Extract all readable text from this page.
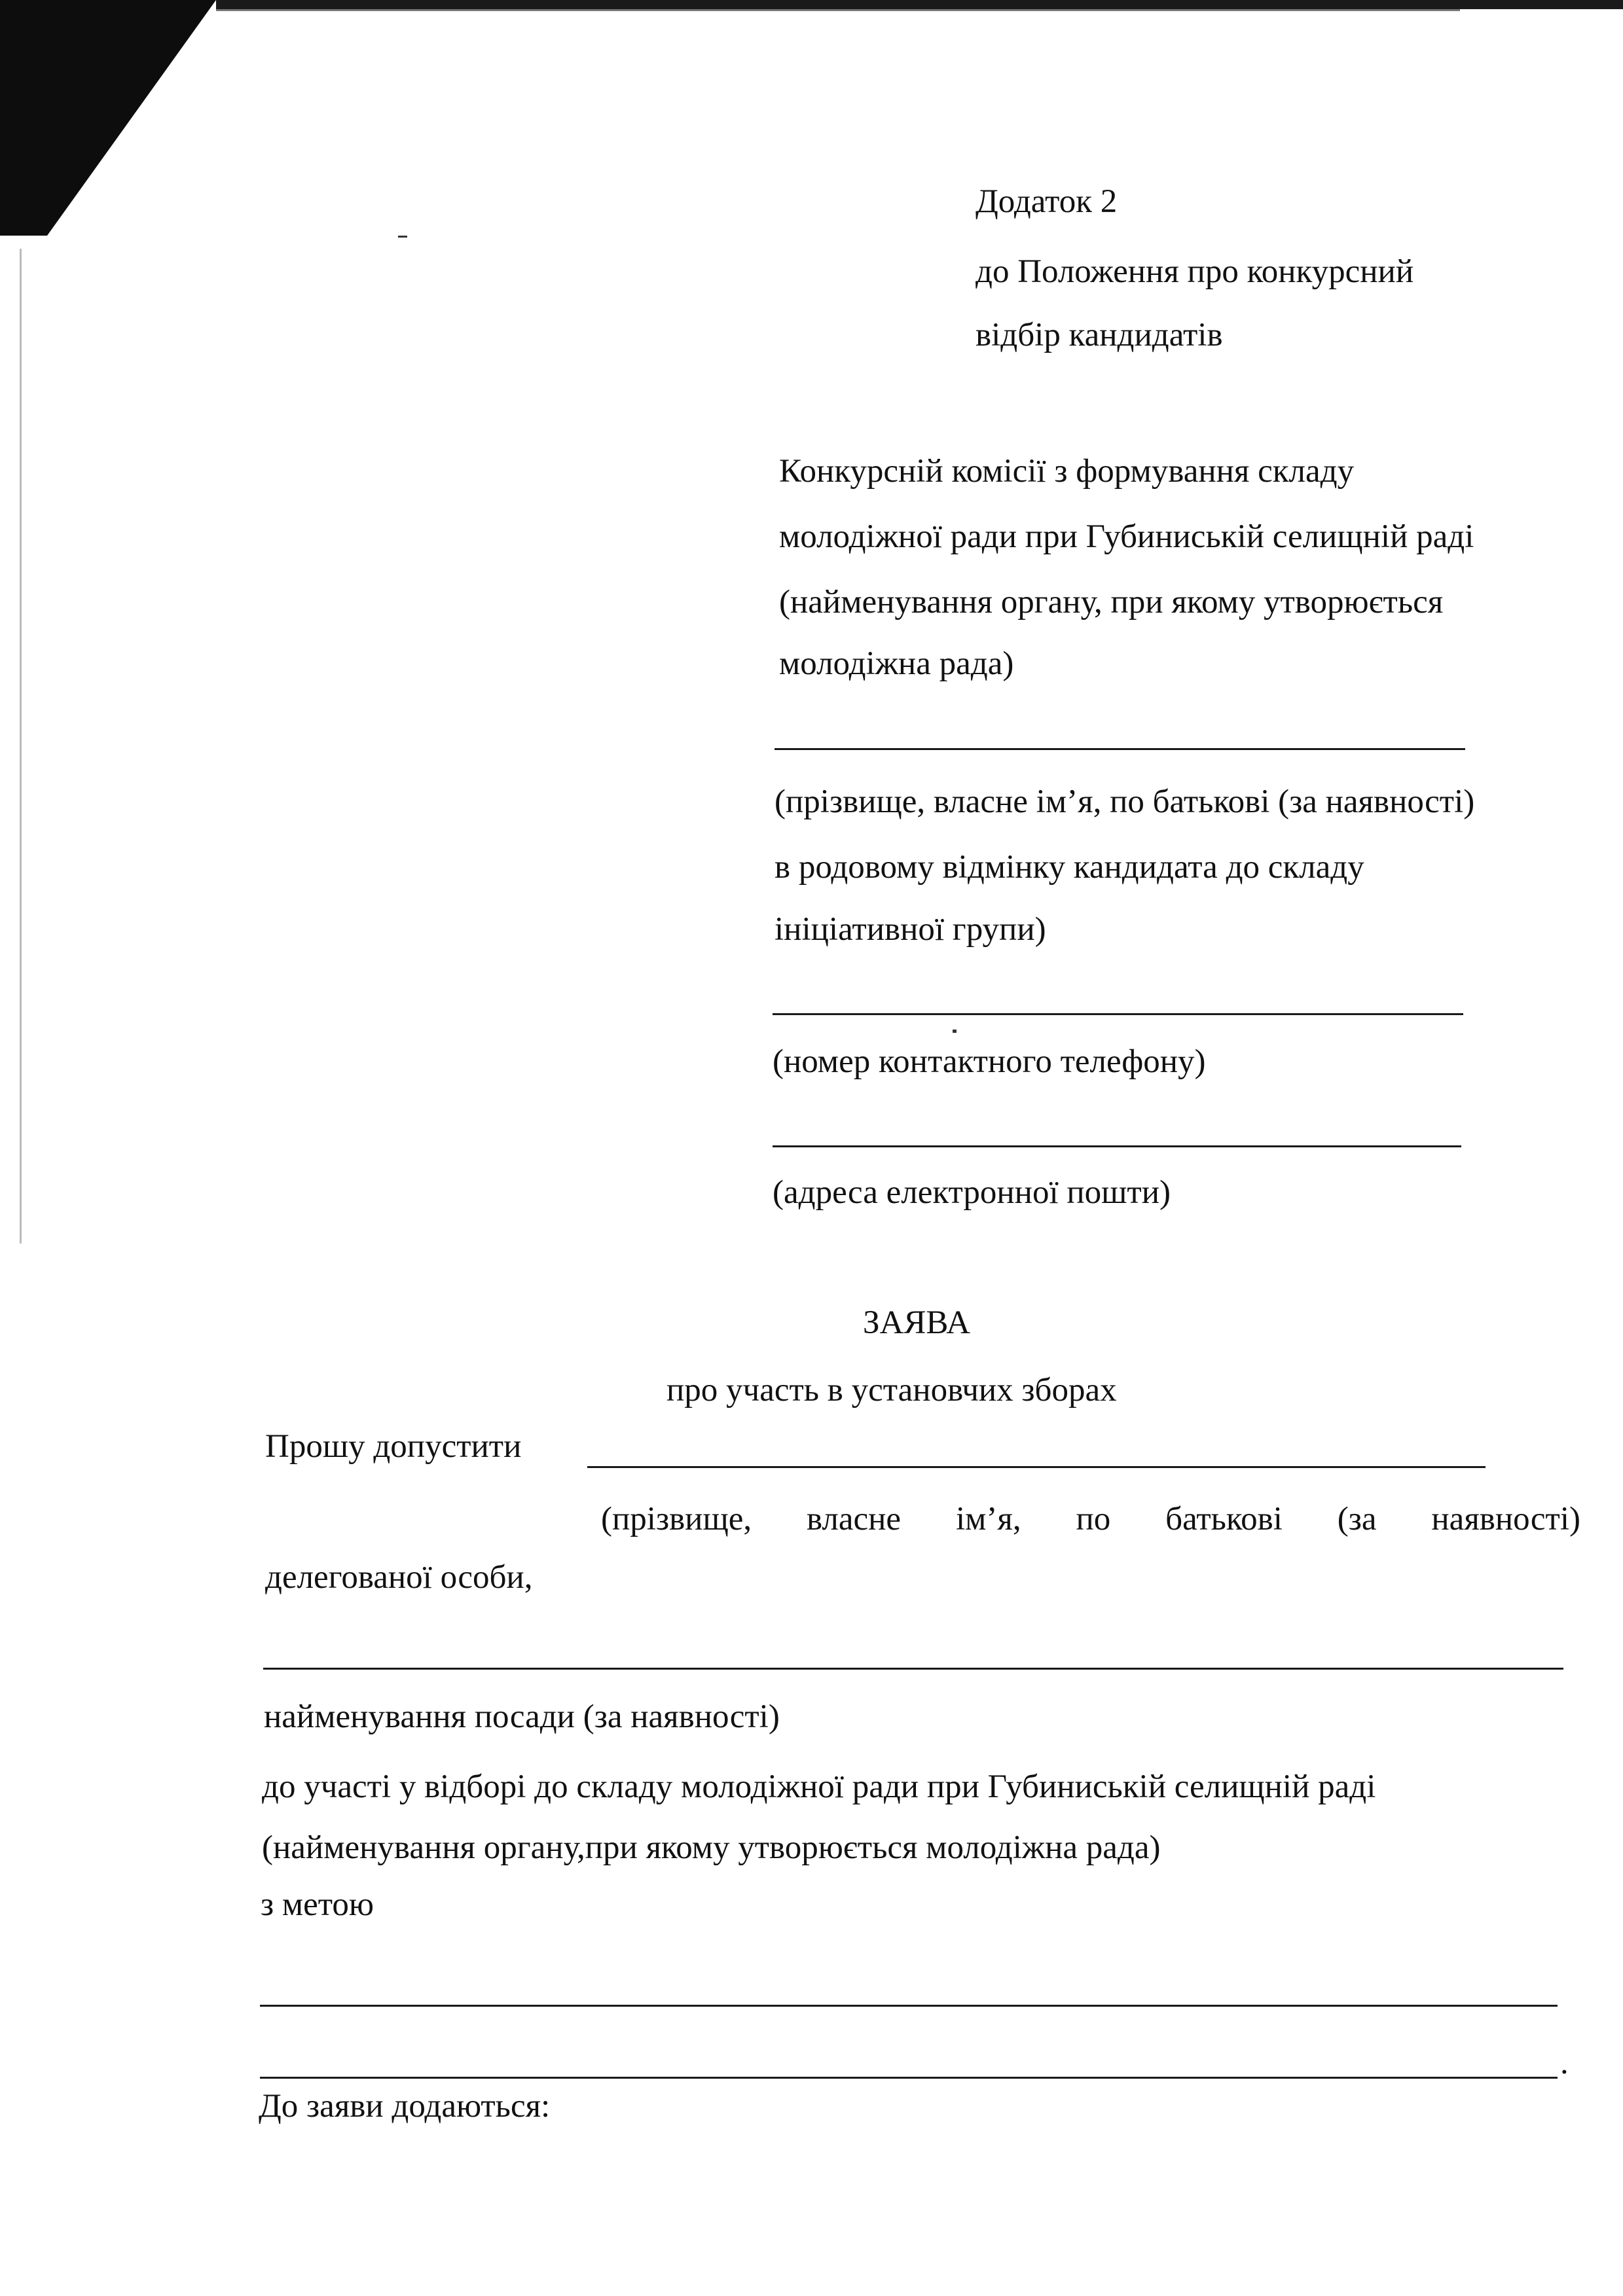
Додаток 2
до Положення про конкурсний
відбір кандидатів
Конкурсній комісії з формування складу
молодіжної ради при Губиниській селищній раді
(найменування органу, при якому утворюється
молодіжна рада)
(прізвище, власне ім’я, по батькові (за наявності)
в родовому відмінку кандидата до складу
ініціативної групи)
(номер контактного телефону)
(адреса електронної пошти)
ЗАЯВА
про участь в установчих зборах
Прошу допустити
(прізвище, власне ім’я, по батькові (за наявності)
делегованої особи,
найменування посади (за наявності)
до участі у відборі до складу молодіжної ради при Губиниській селищній раді
(найменування органу,при якому утворюється молодіжна рада)
з метою
.
До заяви додаються:
